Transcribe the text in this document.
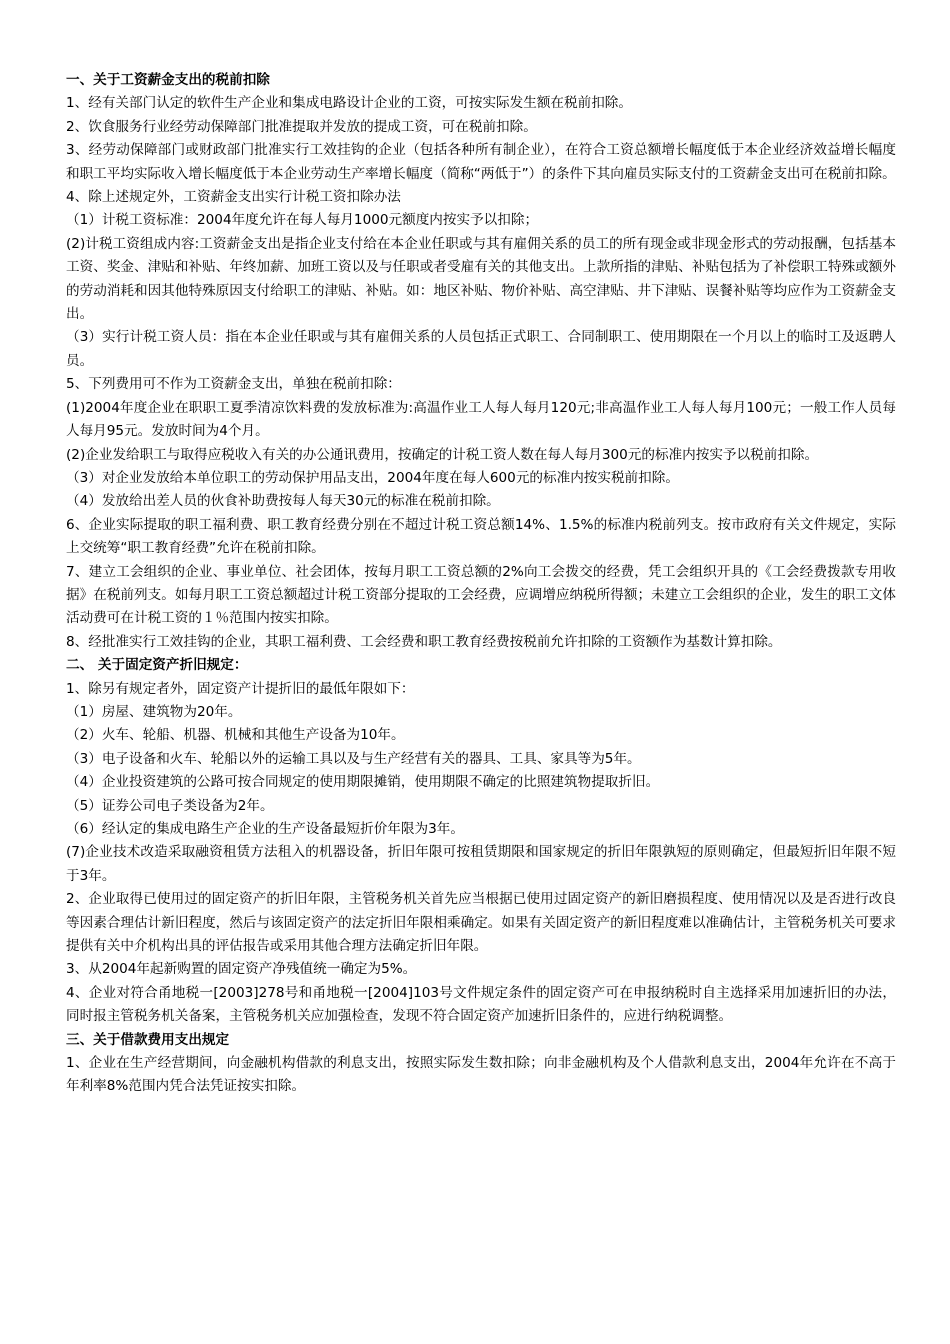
一、关于工资薪金支出的税前扣除

1、经有关部门认定的软件生产企业和集成电路设计企业的工资，可按实际发生额在税前扣除。

2、饮食服务行业经劳动保障部门批准提取并发放的提成工资，可在税前扣除。

3、经劳动保障部门或财政部门批准实行工效挂钩的企业（包括各种所有制企业），在符合工资总额增长幅度低于本企业经济效益增长幅度和职工平均实际收入增长幅度低于本企业劳动生产率增长幅度（简称“两低于”）的条件下其向雇员实际支付的工资薪金支出可在税前扣除。

4、除上述规定外，工资薪金支出实行计税工资扣除办法

（1）计税工资标准：2004年度允许在每人每月1000元额度内按实予以扣除；

(2)计税工资组成内容:工资薪金支出是指企业支付给在本企业任职或与其有雇佣关系的员工的所有现金或非现金形式的劳动报酬，包括基本工资、奖金、津贴和补贴、年终加薪、加班工资以及与任职或者受雇有关的其他支出。上款所指的津贴、补贴包括为了补偿职工特殊或额外的劳动消耗和因其他特殊原因支付给职工的津贴、补贴。如：地区补贴、物价补贴、高空津贴、井下津贴、误餐补贴等均应作为工资薪金支出。

（3）实行计税工资人员：指在本企业任职或与其有雇佣关系的人员包括正式职工、合同制职工、使用期限在一个月以上的临时工及返聘人员。

5、下列费用可不作为工资薪金支出，单独在税前扣除：

(1)2004年度企业在职职工夏季清凉饮料费的发放标准为:高温作业工人每人每月120元;非高温作业工人每人每月100元；一般工作人员每人每月95元。发放时间为4个月。

(2)企业发给职工与取得应税收入有关的办公通讯费用，按确定的计税工资人数在每人每月300元的标准内按实予以税前扣除。

（3）对企业发放给本单位职工的劳动保护用品支出，2004年度在每人600元的标准内按实税前扣除。

（4）发放给出差人员的伙食补助费按每人每天30元的标准在税前扣除。

6、企业实际提取的职工福利费、职工教育经费分别在不超过计税工资总额14%、1.5%的标准内税前列支。按市政府有关文件规定，实际上交统筹“职工教育经费”允许在税前扣除。

7、建立工会组织的企业、事业单位、社会团体，按每月职工工资总额的2%向工会拨交的经费，凭工会组织开具的《工会经费拨款专用收据》在税前列支。如每月职工工资总额超过计税工资部分提取的工会经费，应调增应纳税所得额；未建立工会组织的企业，发生的职工文体活动费可在计税工资的１％范围内按实扣除。

8、经批准实行工效挂钩的企业，其职工福利费、工会经费和职工教育经费按税前允许扣除的工资额作为基数计算扣除。

二、 关于固定资产折旧规定：

1、除另有规定者外，固定资产计提折旧的最低年限如下：

（1）房屋、建筑物为20年。

（2）火车、轮船、机器、机械和其他生产设备为10年。

（3）电子设备和火车、轮船以外的运输工具以及与生产经营有关的器具、工具、家具等为5年。

（4）企业投资建筑的公路可按合同规定的使用期限摊销，使用期限不确定的比照建筑物提取折旧。

（5）证券公司电子类设备为2年。

（6）经认定的集成电路生产企业的生产设备最短折价年限为3年。

(7)企业技术改造采取融资租赁方法租入的机器设备，折旧年限可按租赁期限和国家规定的折旧年限孰短的原则确定，但最短折旧年限不短于3年。

2、企业取得已使用过的固定资产的折旧年限，主管税务机关首先应当根据已使用过固定资产的新旧磨损程度、使用情况以及是否进行改良等因素合理估计新旧程度，然后与该固定资产的法定折旧年限相乘确定。如果有关固定资产的新旧程度难以准确估计，主管税务机关可要求提供有关中介机构出具的评估报告或采用其他合理方法确定折旧年限。

3、从2004年起新购置的固定资产净残值统一确定为5%。

4、企业对符合甬地税一[2003]278号和甬地税一[2004]103号文件规定条件的固定资产可在申报纳税时自主选择采用加速折旧的办法，同时报主管税务机关备案，主管税务机关应加强检查，发现不符合固定资产加速折旧条件的，应进行纳税调整。

三、关于借款费用支出规定

1、企业在生产经营期间，向金融机构借款的利息支出，按照实际发生数扣除；向非金融机构及个人借款利息支出，2004年允许在不高于年利率8%范围内凭合法凭证按实扣除。
